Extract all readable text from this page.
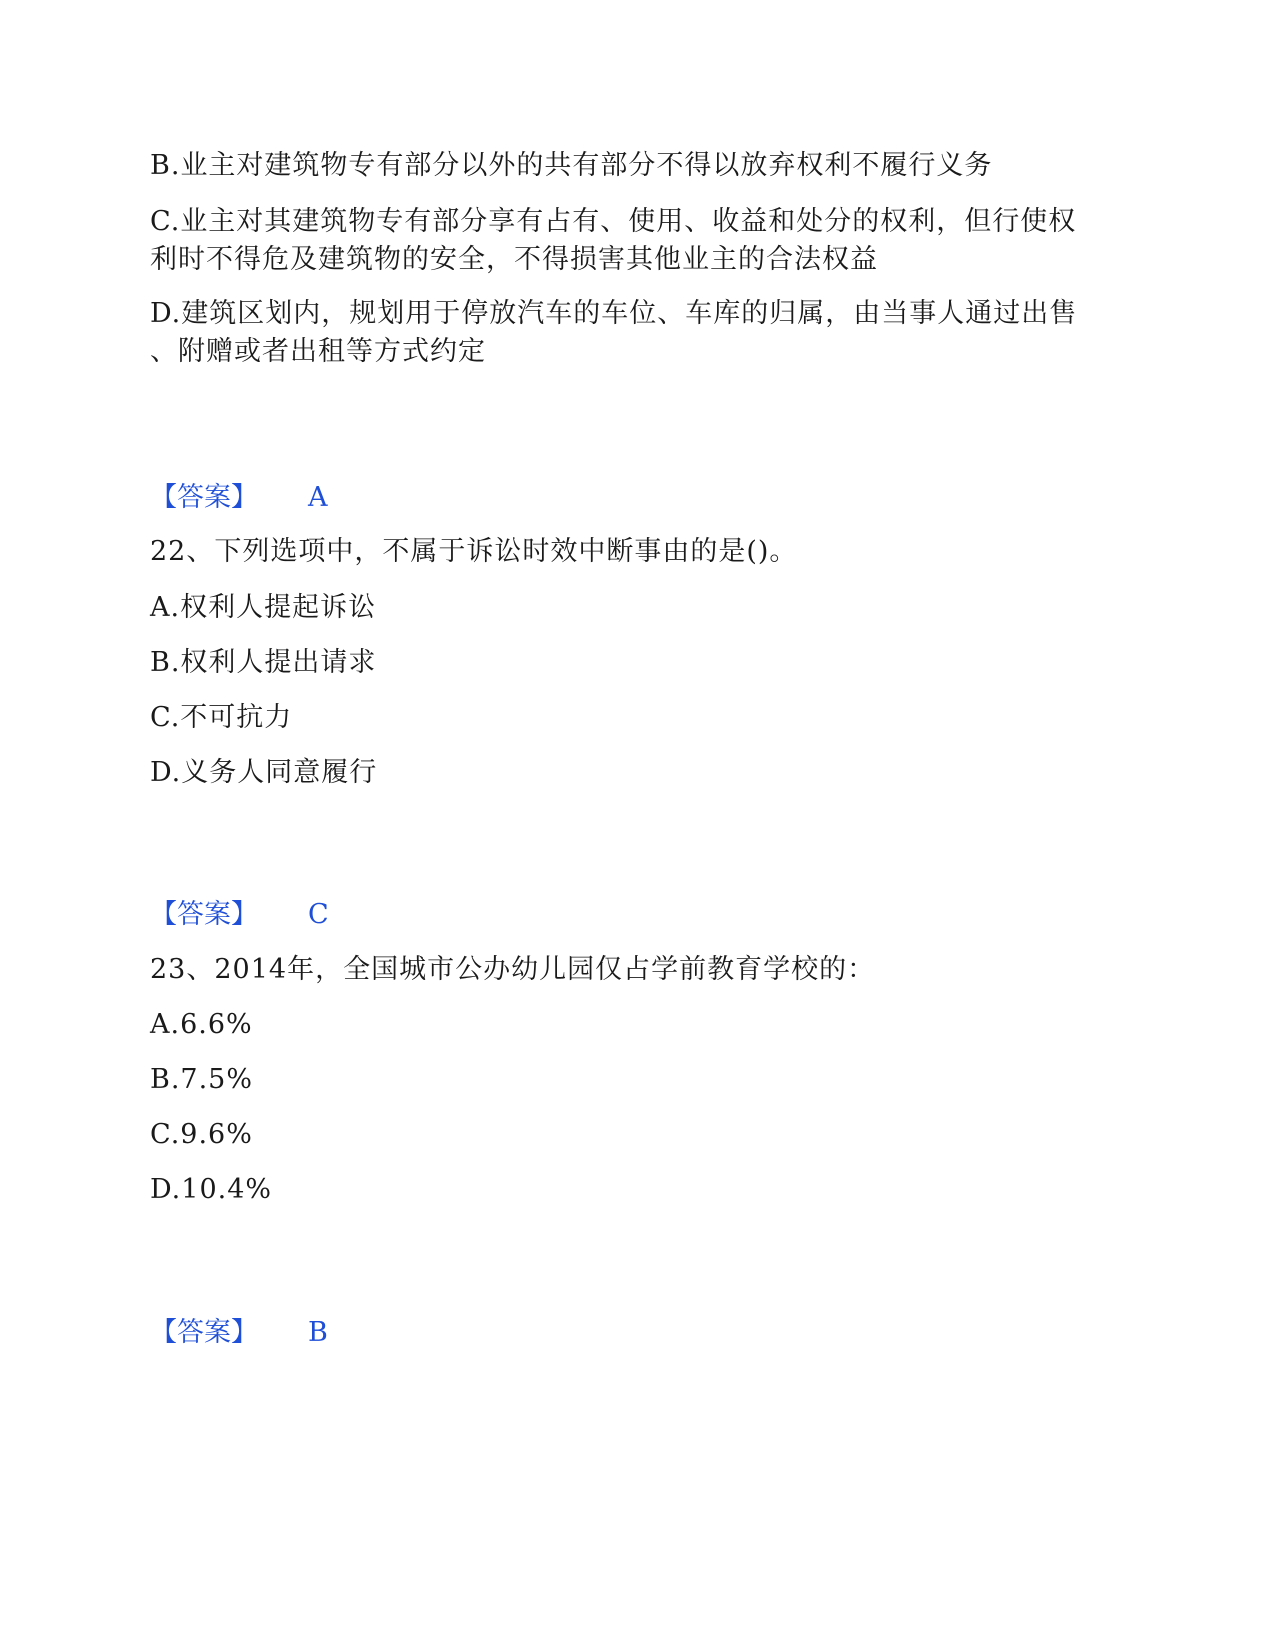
B.业主对建筑物专有部分以外的共有部分不得以放弃权利不履行义务
C.业主对其建筑物专有部分享有占有、使用、收益和处分的权利，但行使权
利时不得危及建筑物的安全，不得损害其他业主的合法权益
D.建筑区划内，规划用于停放汽车的车位、车库的归属，由当事人通过出售
、附赠或者出租等方式约定
【答案】 A
22、下列选项中，不属于诉讼时效中断事由的是()。
A.权利人提起诉讼
B.权利人提出请求
C.不可抗力
D.义务人同意履行
【答案】 C
23、2014年，全国城市公办幼儿园仅占学前教育学校的：
A.6.6%
B.7.5%
C.9.6%
D.10.4%
【答案】 B
